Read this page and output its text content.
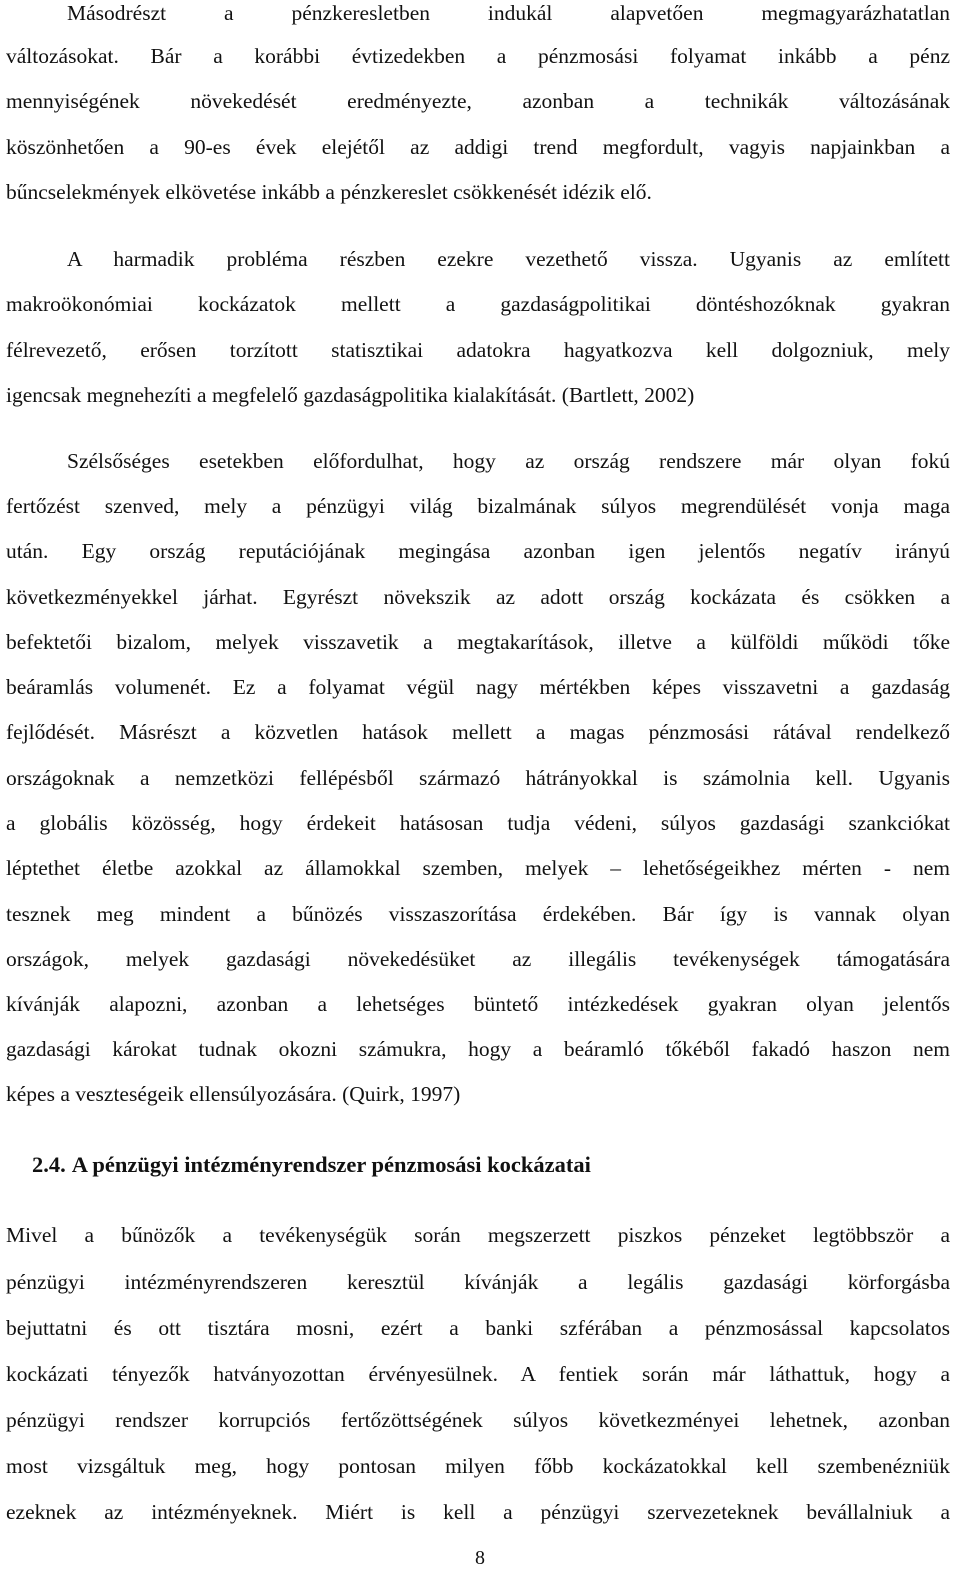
Másodrészt a pénzkeresletben indukál alapvetően megmagyarázhatatlan
változásokat. Bár a korábbi évtizedekben a pénzmosási folyamat inkább a pénz
mennyiségének növekedését eredményezte, azonban a technikák változásának
köszönhetően a 90-es évek elejétől az addigi trend megfordult, vagyis napjainkban a
bűncselekmények elkövetése inkább a pénzkereslet csökkenését idézik elő.
A harmadik probléma részben ezekre vezethető vissza. Ugyanis az említett
makroökonómiai kockázatok mellett a gazdaságpolitikai döntéshozóknak gyakran
félrevezető, erősen torzított statisztikai adatokra hagyatkozva kell dolgozniuk, mely
igencsak megnehezíti a megfelelő gazdaságpolitika kialakítását. (Bartlett, 2002)
Szélsőséges esetekben előfordulhat, hogy az ország rendszere már olyan fokú
fertőzést szenved, mely a pénzügyi világ bizalmának súlyos megrendülését vonja maga
után. Egy ország reputációjának megingása azonban igen jelentős negatív irányú
következményekkel járhat. Egyrészt növekszik az adott ország kockázata és csökken a
befektetői bizalom, melyek visszavetik a megtakarítások, illetve a külföldi működi tőke
beáramlás volumenét. Ez a folyamat végül nagy mértékben képes visszavetni a gazdaság
fejlődését. Másrészt a közvetlen hatások mellett a magas pénzmosási rátával rendelkező
országoknak a nemzetközi fellépésből származó hátrányokkal is számolnia kell. Ugyanis
a globális közösség, hogy érdekeit hatásosan tudja védeni, súlyos gazdasági szankciókat
léptethet életbe azokkal az államokkal szemben, melyek – lehetőségeikhez mérten - nem
tesznek meg mindent a bűnözés visszaszorítása érdekében. Bár így is vannak olyan
országok, melyek gazdasági növekedésüket az illegális tevékenységek támogatására
kívánják alapozni, azonban a lehetséges büntető intézkedések gyakran olyan jelentős
gazdasági károkat tudnak okozni számukra, hogy a beáramló tőkéből fakadó haszon nem
képes a veszteségeik ellensúlyozására. (Quirk, 1997)
2.4. A pénzügyi intézményrendszer pénzmosási kockázatai
Mivel a bűnözők a tevékenységük során megszerzett piszkos pénzeket legtöbbször a
pénzügyi intézményrendszeren keresztül kívánják a legális gazdasági körforgásba
bejuttatni és ott tisztára mosni, ezért a banki szférában a pénzmosással kapcsolatos
kockázati tényezők hatványozottan érvényesülnek. A fentiek során már láthattuk, hogy a
pénzügyi rendszer korrupciós fertőzöttségének súlyos következményei lehetnek, azonban
most vizsgáltuk meg, hogy pontosan milyen főbb kockázatokkal kell szembenézniük
ezeknek az intézményeknek. Miért is kell a pénzügyi szervezeteknek bevállalniuk a
8
